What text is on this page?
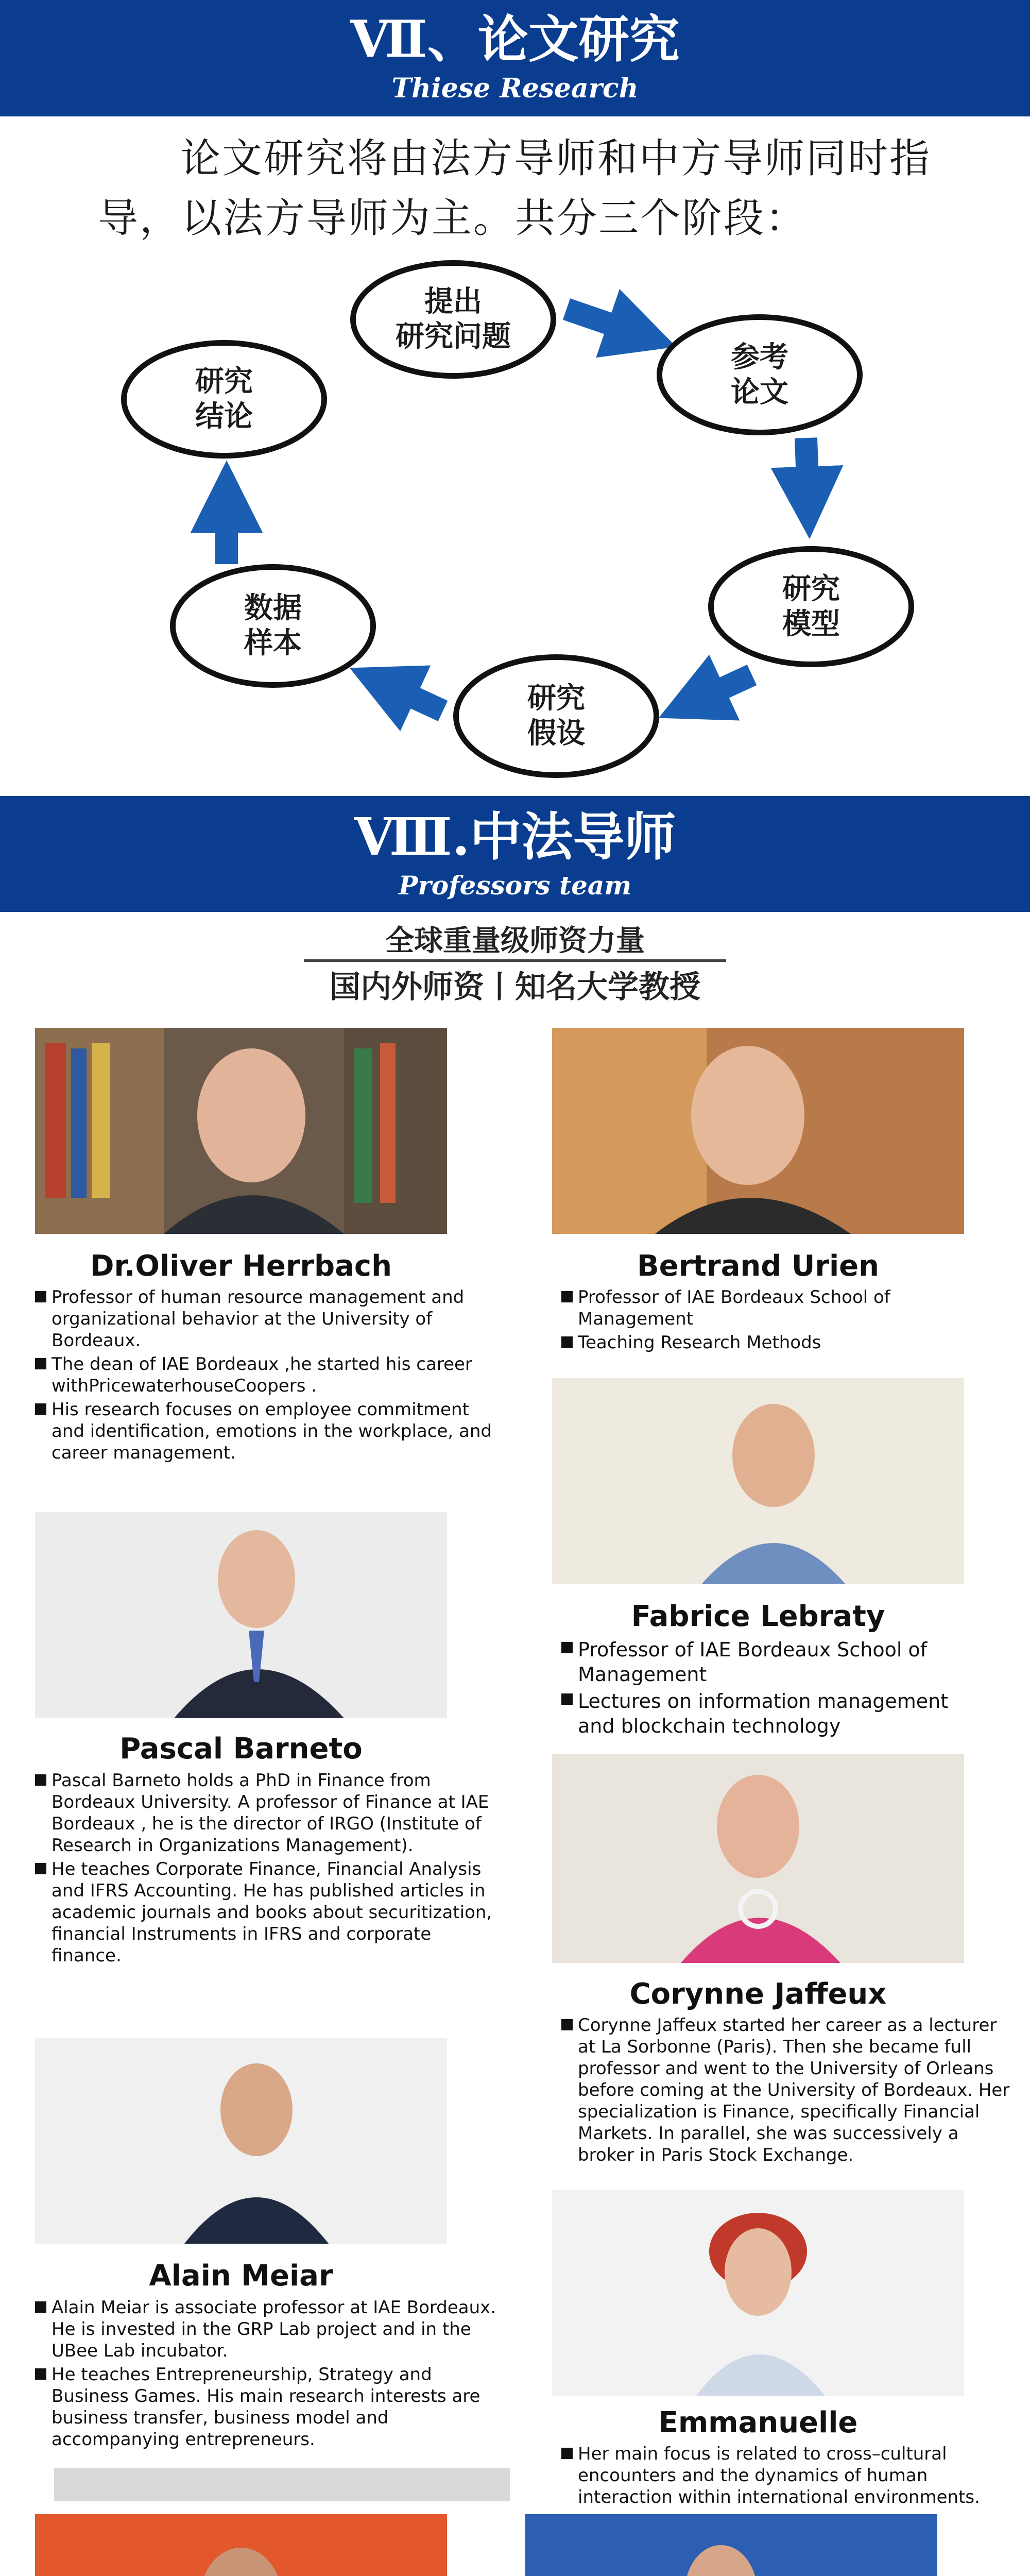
Ⅶ、论文研究
Thiese Research
论文研究将由法方导师和中方导师同时指导，以法方导师为主。共分三个阶段：
提出
研究问题
参考
论文
研究
模型
研究
假设
数据
样本
研究
结论
Ⅷ.中法导师
Professors team
全球重量级师资力量
国内外师资丨知名大学教授
Dr.Oliver Herrbach
Professor of human resource management and organizational behavior at the University of Bordeaux.
The dean of IAE Bordeaux ,he started his career withPricewaterhouseCoopers .
His research focuses on employee commitment and identification, emotions in the workplace, and career management.
Bertrand Urien
Professor of IAE Bordeaux School of Management
Teaching Research Methods
Pascal Barneto
Pascal Barneto holds a PhD in Finance from Bordeaux University. A professor of Finance at IAE Bordeaux , he is the director of IRGO (Institute of Research in Organizations Management).
He teaches Corporate Finance, Financial Analysis and IFRS Accounting. He has published articles in academic journals and books about securitization, financial Instruments in IFRS and corporate finance.
Fabrice Lebraty
Professor of IAE Bordeaux School of Management
Lectures on information management and blockchain technology
Corynne Jaffeux
Corynne Jaffeux started her career as a lecturer at La Sorbonne (Paris). Then she became full professor and went to the University of Orleans before coming at the University of Bordeaux. Her specialization is Finance, specifically Financial Markets. In parallel, she was successively a broker in Paris Stock Exchange.
Alain Meiar
Alain Meiar is associate professor at IAE Bordeaux. He is invested in the GRP Lab project and in the UBee Lab incubator.
He teaches Entrepreneurship, Strategy and Business Games. His main research interests are business transfer, business model and accompanying entrepreneurs.	Emmanuelle
Her main focus is related to cross–cultural encounters and the dynamics of human interaction within international environments.
